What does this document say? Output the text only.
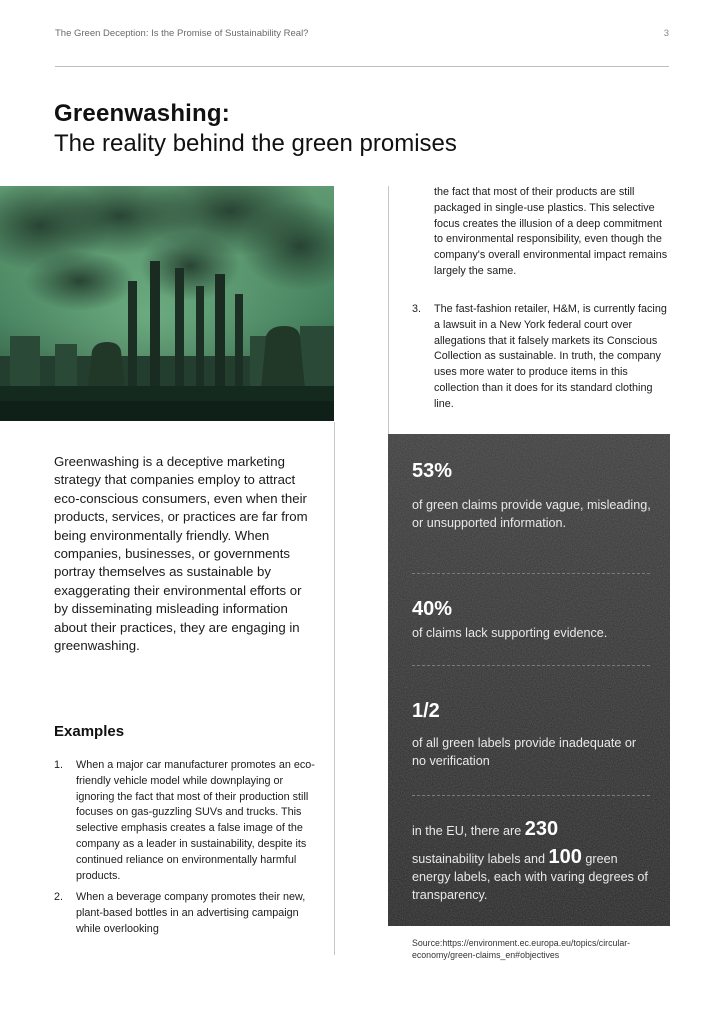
The Green Deception: Is the Promise of Sustainability Real?	3
Greenwashing:
The reality behind the green promises
Greenwashing is a deceptive marketing strategy that companies employ to attract eco-conscious consumers, even when their products, services, or practices are far from being environmentally friendly. When companies, businesses, or governments portray themselves as sustainable by exaggerating their environmental efforts or by disseminating misleading information about their practices, they are engaging in greenwashing.
Examples
1. When a major car manufacturer promotes an eco-friendly vehicle model while downplaying or ignoring the fact that most of their production still focuses on gas-guzzling SUVs and trucks. This selective emphasis creates a false image of the company as a leader in sustainability, despite its continued reliance on environmentally harmful products.
2. When a beverage company promotes their new, plant-based bottles in an advertising campaign while overlooking
the fact that most of their products are still packaged in single-use plastics. This selective focus creates the illusion of a deep commitment to environmental responsibility, even though the company's overall environmental impact remains largely the same.
3. The fast-fashion retailer, H&M, is currently facing a lawsuit in a New York federal court over allegations that it falsely markets its Conscious Collection as sustainable. In truth, the company uses more water to produce items in this collection than it does for its standard clothing line.
53%
of green claims provide vague, misleading, or unsupported information.
40%
of claims lack supporting evidence.
1/2
of all green labels provide inadequate or no verification
in the EU, there are 230
sustainability labels and 100 green
energy labels, each with varing degrees of transparency.
Source:https://environment.ec.europa.eu/topics/circular-economy/green-claims_en#objectives
